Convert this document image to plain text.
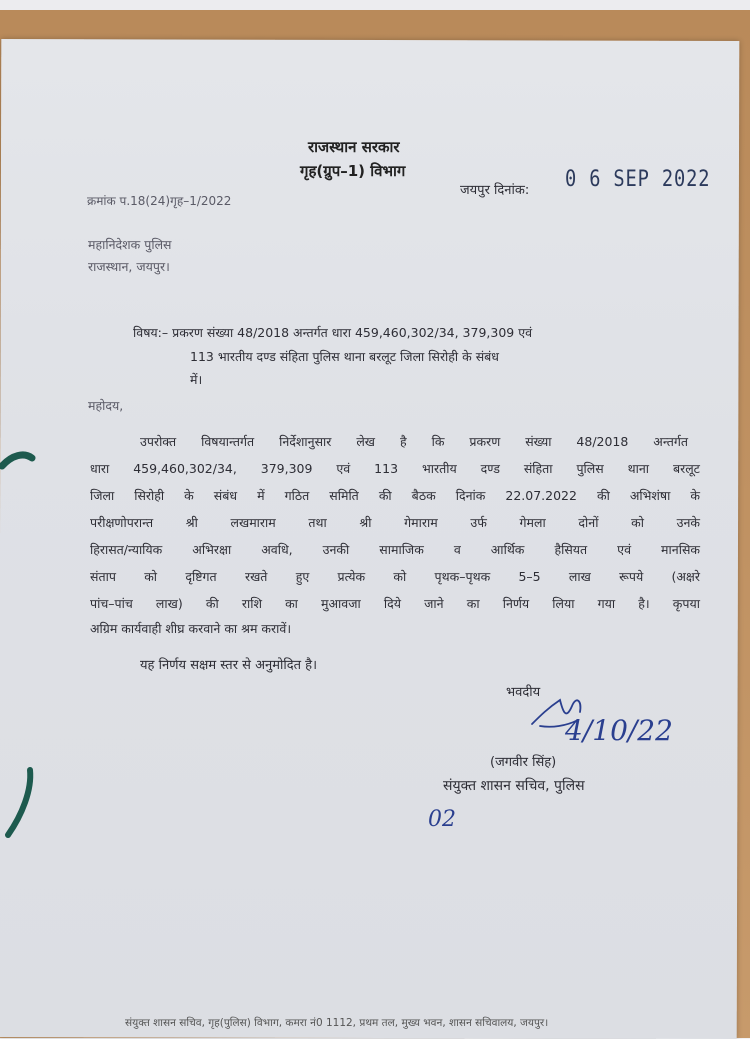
राजस्थान सरकार
गृह(ग्रुप–1) विभाग
क्रमांक प.18(24)गृह–1/2022
जयपुर दिनांक: 0 6 SEP 2022
महानिदेशक पुलिस
राजस्थान, जयपुर।
विषय:– प्रकरण संख्या 48/2018 अन्तर्गत धारा 459,460,302/34, 379,309 एवं
113 भारतीय दण्ड संहिता पुलिस थाना बरलूट जिला सिरोही के संबंध
में।
महोदय,
उपरोक्त विषयान्तर्गत निर्देशानुसार लेख है कि प्रकरण संख्या 48/2018 अन्तर्गत
धारा 459,460,302/34, 379,309 एवं 113 भारतीय दण्ड संहिता पुलिस थाना बरलूट
जिला सिरोही के संबंध में गठित समिति की बैठक दिनांक 22.07.2022 की अभिशंषा के
परीक्षणोपरान्त श्री लखमाराम तथा श्री गेमाराम उर्फ गेमला दोनों को उनके
हिरासत/न्यायिक अभिरक्षा अवधि, उनकी सामाजिक व आर्थिक हैसियत एवं मानसिक
संताप को दृष्टिगत रखते हुए प्रत्येक को पृथक–पृथक 5–5 लाख रूपये (अक्षरे
पांच–पांच लाख) की राशि का मुआवजा दिये जाने का निर्णय लिया गया है। कृपया
अग्रिम कार्यवाही शीघ्र करवाने का श्रम करावें।
यह निर्णय सक्षम स्तर से अनुमोदित है।
भवदीय
(जगवीर सिंह)
संयुक्त शासन सचिव, पुलिस
संयुक्त शासन सचिव, गृह(पुलिस) विभाग, कमरा नं0 1112, प्रथम तल, मुख्य भवन, शासन सचिवालय, जयपुर।
4/10/22
02
